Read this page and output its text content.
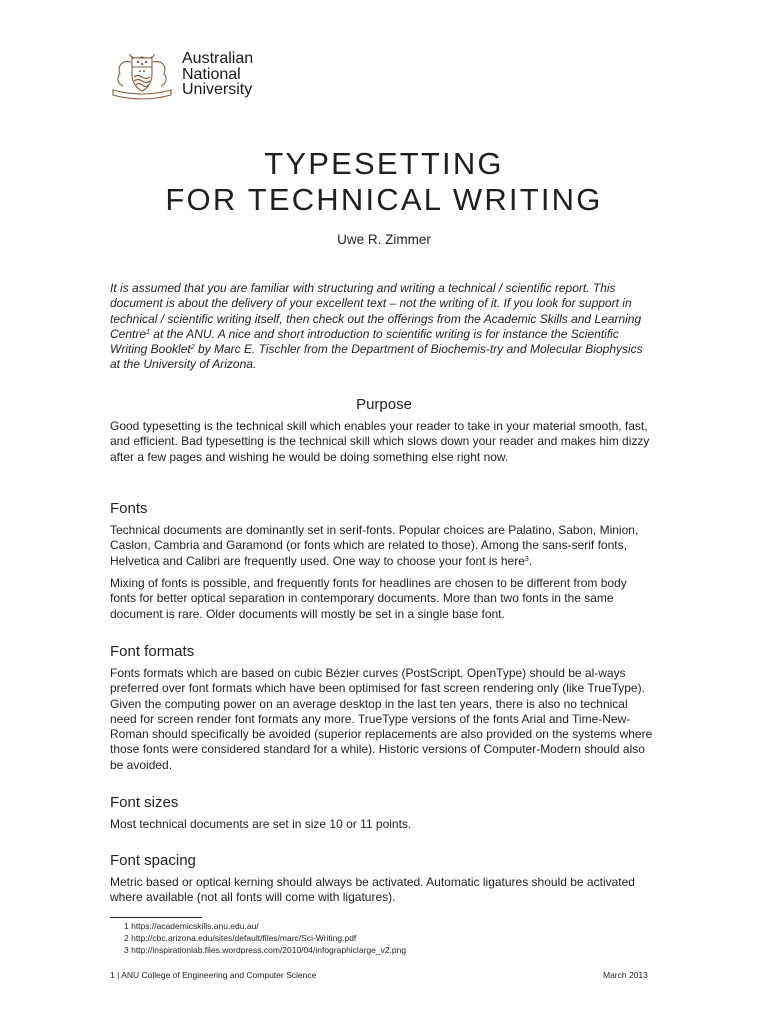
Australian
National
University
TYPESETTING
FOR TECHNICAL WRITING
Uwe R. Zimmer
It is assumed that you are familiar with structuring and writing a technical / scientific report. This document is about the delivery of your excellent text – not the writing of it. If you look for support in technical / scientific writing itself, then check out the offerings from the Academic Skills and Learning Centre$^1$ at the ANU. A nice and short introduction to scientific writing is for instance the Scientific Writing Booklet$^2$ by Marc E. Tischler from the Department of Biochemis-try and Molecular Biophysics at the University of Arizona.
Purpose
Good typesetting is the technical skill which enables your reader to take in your material smooth, fast, and efficient. Bad typesetting is the technical skill which slows down your reader and makes him dizzy after a few pages and wishing he would be doing something else right now.
Fonts
Technical documents are dominantly set in serif-fonts. Popular choices are Palatino, Sabon, Minion, Caslon, Cambria and Garamond (or fonts which are related to those). Among the sans-serif fonts, Helvetica and Calibri are frequently used. One way to choose your font is here$^3$.
Mixing of fonts is possible, and frequently fonts for headlines are chosen to be different from body fonts for better optical separation in contemporary documents. More than two fonts in the same document is rare. Older documents will mostly be set in a single base font.
Font formats
Fonts formats which are based on cubic Bézier curves (PostScript, OpenType) should be al-ways preferred over font formats which have been optimised for fast screen rendering only (like TrueType). Given the computing power on an average desktop in the last ten years, there is also no technical need for screen render font formats any more. TrueType versions of the fonts Arial and Time-New-Roman should specifically be avoided (superior replacements are also provided on the systems where those fonts were considered standard for a while). Historic versions of Computer-Modern should also be avoided.
Font sizes
Most technical documents are set in size 10 or 11 points.
Font spacing
Metric based or optical kerning should always be activated. Automatic ligatures should be activated where available (not all fonts will come with ligatures).
1 https://academicskills.anu.edu.au/
2 http://cbc.arizona.edu/sites/default/files/marc/Sci-Writing.pdf
3 http://inspirationlab.files.wordpress.com/2010/04/infographiclarge_v2.png
1 | ANU College of Engineering and Computer Science	March 2013
